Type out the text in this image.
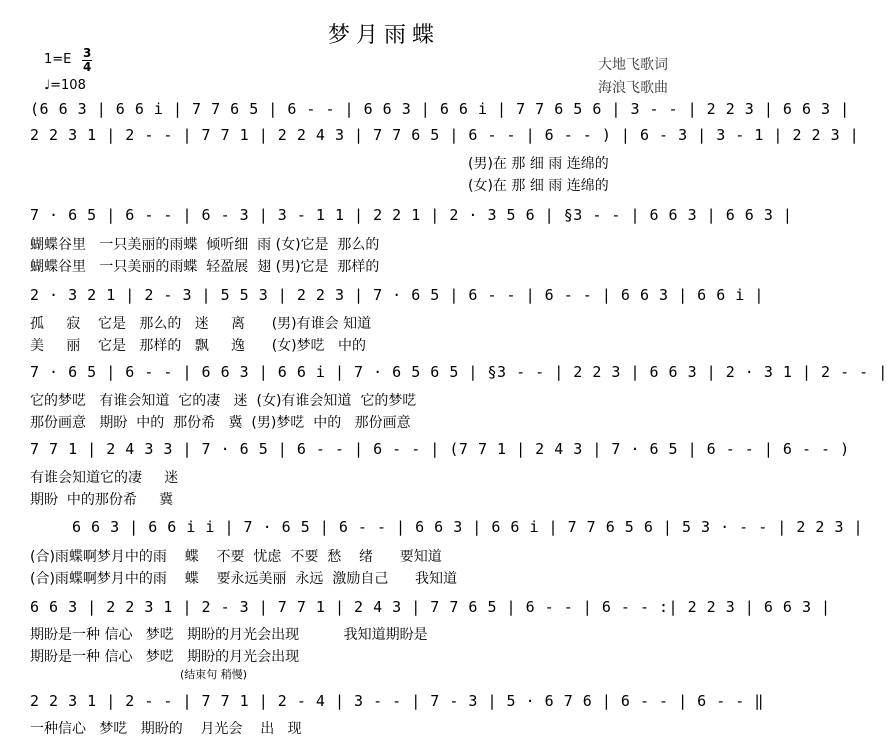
梦月雨蝶
1=E 3
4
♩=108
大地飞歌词
海浪飞歌曲
(6 6 3 | 6 6 i | 7 7 6 5 | 6 - - | 6 6 3 | 6 6 i | 7 7 6 5 6 | 3 - - | 2 2 3 | 6 6 3 |
2 2 3 1 | 2 - - | 7 7 1 | 2 2 4 3 | 7 7 6 5 | 6 - - | 6 - - ) | 6 - 3 | 3 - 1 | 2 2 3 |
(男)在 那 细 雨 连绵的
(女)在 那 细 雨 连绵的
7 · 6 5 | 6 - - | 6 - 3 | 3 - 1 1 | 2 2 1 | 2 · 3 5 6 | §3 - - | 6 6 3 | 6 6 3 |
蝴蝶谷里   一只美丽的雨蝶  倾听细  雨 (女)它是  那么的
蝴蝶谷里   一只美丽的雨蝶  轻盈展  翅 (男)它是  那样的
2 · 3 2 1 | 2 - 3 | 5 5 3 | 2 2 3 | 7 · 6 5 | 6 - - | 6 - - | 6 6 3 | 6 6 i |
孤     寂    它是   那么的   迷     离      (男)有谁会 知道
美     丽    它是   那样的   飘     逸      (女)梦呓   中的
7 · 6 5 | 6 - - | 6 6 3 | 6 6 i | 7 · 6 5 6 5 | §3 - - | 2 2 3 | 6 6 3 | 2 · 3 1 | 2 - - |
它的梦呓   有谁会知道  它的凄   迷  (女)有谁会知道  它的梦呓
那份画意   期盼  中的  那份希   冀  (男)梦呓  中的   那份画意
7 7 1 | 2 4 3 3 | 7 · 6 5 | 6 - - | 6 - - | (7 7 1 | 2 4 3 | 7 · 6 5 | 6 - - | 6 - - )
有谁会知道它的凄     迷
期盼  中的那份希     冀
6 6 3 | 6 6 i i | 7 · 6 5 | 6 - - | 6 6 3 | 6 6 i | 7 7 6 5 6 | 5 3 · - - | 2 2 3 |
(合)雨蝶啊梦月中的雨    蝶    不要  忧虑  不要  愁    绪      要知道
(合)雨蝶啊梦月中的雨    蝶    要永远美丽  永远  激励自己      我知道
6 6 3 | 2 2 3 1 | 2 - 3 | 7 7 1 | 2 4 3 | 7 7 6 5 | 6 - - | 6 - - :| 2 2 3 | 6 6 3 |
期盼是一种 信心   梦呓   期盼的月光会出现          我知道期盼是
期盼是一种 信心   梦呓   期盼的月光会出现
(结束句 稍慢)
2 2 3 1 | 2 - - | 7 7 1 | 2 - 4 | 3 - - | 7 - 3 | 5 · 6 7 6 | 6 - - | 6 - - ‖
一种信心   梦呓   期盼的    月光会    出   现
